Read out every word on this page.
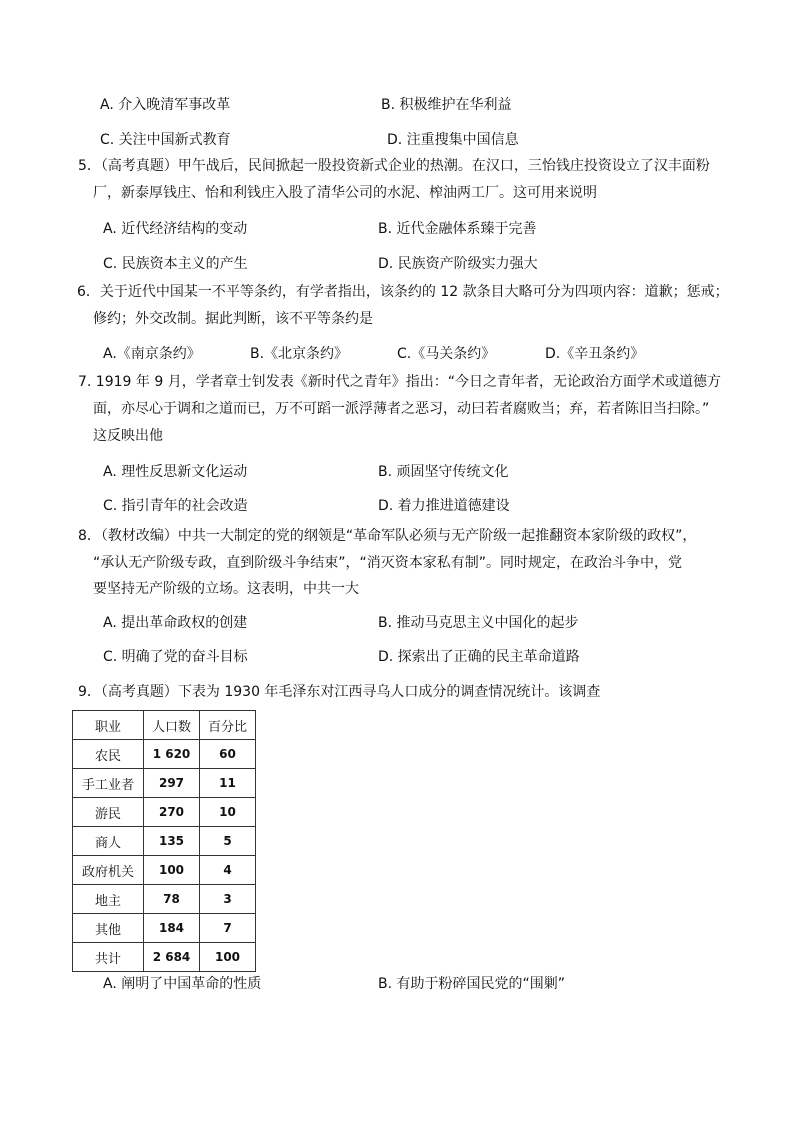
A. 介入晚清军事改革	B. 积极维护在华利益
C. 关注中国新式教育	D. 注重搜集中国信息
5．（高考真题）甲午战后，民间掀起一股投资新式企业的热潮。在汉口，三怡钱庄投资设立了汉丰面粉
厂，新泰厚钱庄、怡和利钱庄入股了清华公司的水泥、榨油两工厂。这可用来说明
A. 近代经济结构的变动	B. 近代金融体系臻于完善
C. 民族资本主义的产生	D. 民族资产阶级实力强大
6．关于近代中国某一不平等条约，有学者指出，该条约的 12 款条目大略可分为四项内容：道歉；惩戒；
修约；外交改制。据此判断，该不平等条约是
A.《南京条约》	B.《北京条约》	C.《马关条约》	D.《辛丑条约》
7. 1919 年 9 月，学者章士钊发表《新时代之青年》指出：“今日之青年者，无论政治方面学术或道德方
面，亦尽心于调和之道而已，万不可蹈一派浮薄者之恶习，动曰若者腐败当；弃，若者陈旧当扫除。”
这反映出他
A. 理性反思新文化运动	B. 顽固坚守传统文化
C. 指引青年的社会改造	D. 着力推进道德建设
8．（教材改编）中共一大制定的党的纲领是“革命军队必须与无产阶级一起推翻资本家阶级的政权”，
“承认无产阶级专政，直到阶级斗争结束”，“消灭资本家私有制”。同时规定，在政治斗争中，党
要坚持无产阶级的立场。这表明，中共一大
A. 提出革命政权的创建	B. 推动马克思主义中国化的起步
C. 明确了党的奋斗目标	D. 探索出了正确的民主革命道路
9．（高考真题）下表为 1930 年毛泽东对江西寻乌人口成分的调查情况统计。该调查
职业	人口数	百分比
农民	1 620	60
手工业者	297	11
游民	270	10
商人	135	5
政府机关	100	4
地主	78	3
其他	184	7
共计	2 684	100
A. 阐明了中国革命的性质	B. 有助于粉碎国民党的“围剿”
